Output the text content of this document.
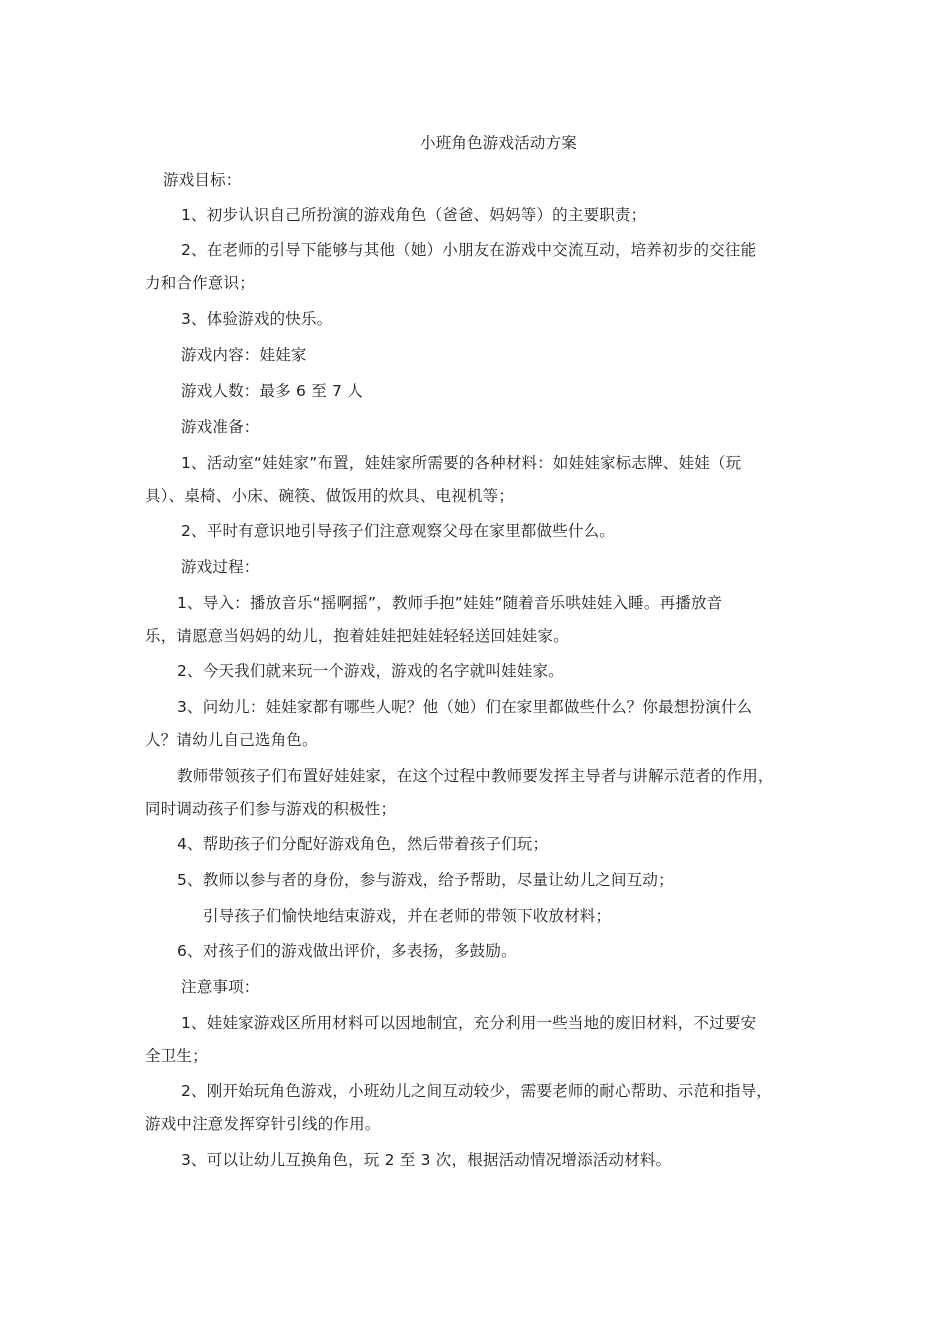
小班角色游戏活动方案
游戏目标：
1、初步认识自己所扮演的游戏角色（爸爸、妈妈等）的主要职责；
2、在老师的引导下能够与其他（她）小朋友在游戏中交流互动，培养初步的交往能
力和合作意识；
3、体验游戏的快乐。
游戏内容：娃娃家
游戏人数：最多 6 至 7 人
游戏准备：
1、活动室“娃娃家”布置，娃娃家所需要的各种材料：如娃娃家标志牌、娃娃（玩
具）、桌椅、小床、碗筷、做饭用的炊具、电视机等；
2、平时有意识地引导孩子们注意观察父母在家里都做些什么。
游戏过程：
1、导入：播放音乐“摇啊摇”，教师手抱”娃娃”随着音乐哄娃娃入睡。再播放音
乐，请愿意当妈妈的幼儿，抱着娃娃把娃娃轻轻送回娃娃家。
2、今天我们就来玩一个游戏，游戏的名字就叫娃娃家。
3、问幼儿：娃娃家都有哪些人呢？他（她）们在家里都做些什么？你最想扮演什么
人？请幼儿自己选角色。
教师带领孩子们布置好娃娃家，在这个过程中教师要发挥主导者与讲解示范者的作用，
同时调动孩子们参与游戏的积极性；
4、帮助孩子们分配好游戏角色，然后带着孩子们玩；
5、教师以参与者的身份，参与游戏，给予帮助，尽量让幼儿之间互动；
引导孩子们愉快地结束游戏，并在老师的带领下收放材料；
6、对孩子们的游戏做出评价，多表扬，多鼓励。
注意事项：
1、娃娃家游戏区所用材料可以因地制宜，充分利用一些当地的废旧材料，不过要安
全卫生；
2、刚开始玩角色游戏，小班幼儿之间互动较少，需要老师的耐心帮助、示范和指导，
游戏中注意发挥穿针引线的作用。
3、可以让幼儿互换角色，玩 2 至 3 次，根据活动情况增添活动材料。
